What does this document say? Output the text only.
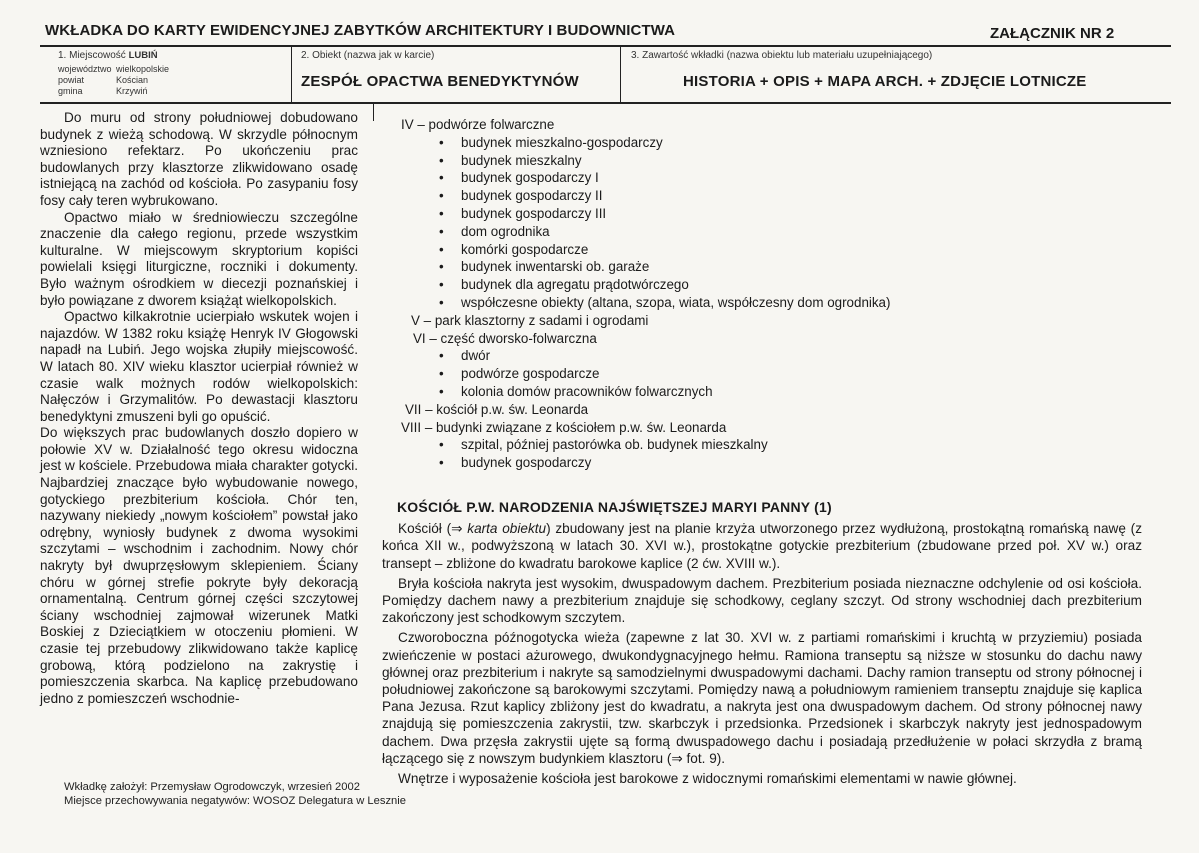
WKŁADKA DO KARTY EWIDENCYJNEJ ZABYTKÓW ARCHITEKTURY I BUDOWNICTWA	ZAŁĄCZNIK NR 2
1. Miejscowość LUBIŃ
województwo wielkopolskie
powiat	Kościan
gmina	Krzywiń
2. Obiekt (nazwa jak w karcie)
ZESPÓŁ OPACTWA BENEDYKTYNÓW
3. Zawartość wkładki (nazwa obiektu lub materiału uzupełniającego)
HISTORIA + OPIS + MAPA ARCH. + ZDJĘCIE LOTNICZE

Do muru od strony południowej dobudowano budynek z wieżą schodową. W skrzydle północnym wzniesiono refektarz. Po ukończeniu prac budowlanych przy klasztorze zlikwidowano osadę istniejącą na zachód od kościoła. Po zasypaniu fosy fosy cały teren wybrukowano.

Opactwo miało w średniowieczu szczególne znaczenie dla całego regionu, przede wszystkim kulturalne. W miejscowym skryptorium kopiści powielali księgi liturgiczne, roczniki i dokumenty. Było ważnym ośrodkiem w diecezji poznańskiej i było powiązane z dworem książąt wielkopolskich.

Opactwo kilkakrotnie ucierpiało wskutek wojen i najazdów. W 1382 roku książę Henryk IV Głogowski napadł na Lubiń. Jego wojska złupiły miejscowość. W latach 80. XIV wieku klasztor ucierpiał również w czasie walk możnych rodów wielkopolskich: Nałęczów i Grzymalitów. Po dewastacji klasztoru benedyktyni zmuszeni byli go opuścić.

Do większych prac budowlanych doszło dopiero w połowie XV w. Działalność tego okresu widoczna jest w kościele. Przebudowa miała charakter gotycki. Najbardziej znaczące było wybudowanie nowego, gotyckiego prezbiterium kościoła. Chór ten, nazywany niekiedy „nowym kościołem” powstał jako odrębny, wyniosły budynek z dwoma wysokimi szczytami – wschodnim i zachodnim. Nowy chór nakryty był dwuprzęsłowym sklepieniem. Ściany chóru w górnej strefie pokryte były dekoracją ornamentalną. Centrum górnej części szczytowej ściany wschodniej zajmował wizerunek Matki Boskiej z Dzieciątkiem w otoczeniu płomieni. W czasie tej przebudowy zlikwidowano także kaplicę grobową, którą podzielono na zakrystię i pomieszczenia skarbca. Na kaplicę przebudowano jedno z pomieszczeń wschodnie-

IV – podwórze folwarczne
• budynek mieszkalno-gospodarczy
• budynek mieszkalny
• budynek gospodarczy I
• budynek gospodarczy II
• budynek gospodarczy III
• dom ogrodnika
• komórki gospodarcze
• budynek inwentarski ob. garaże
• budynek dla agregatu prądotwórczego
• współczesne obiekty (altana, szopa, wiata, współczesny dom ogrodnika)
V – park klasztorny z sadami i ogrodami
VI – część dworsko-folwarczna
• dwór
• podwórze gospodarcze
• kolonia domów pracowników folwarcznych
VII – kościół p.w. św. Leonarda
VIII – budynki związane z kościołem p.w. św. Leonarda
• szpital, później pastorówka ob. budynek mieszkalny
• budynek gospodarczy
KOŚCIÓŁ P.W. NARODZENIA NAJŚWIĘTSZEJ MARYI PANNY (1)

Kościół (⇒ karta obiektu) zbudowany jest na planie krzyża utworzonego przez wydłużoną, prostokątną romańską nawę (z końca XII w., podwyższoną w latach 30. XVI w.), prostokątne gotyckie prezbiterium (zbudowane przed poł. XV w.) oraz transept – zbliżone do kwadratu barokowe kaplice (2 ćw. XVIII w.).

Bryła kościoła nakryta jest wysokim, dwuspadowym dachem. Prezbiterium posiada nieznaczne odchylenie od osi kościoła. Pomiędzy dachem nawy a prezbiterium znajduje się schodkowy, ceglany szczyt. Od strony wschodniej dach prezbiterium zakończony jest schodkowym szczytem.

Czworoboczna późnogotycka wieża (zapewne z lat 30. XVI w. z partiami romańskimi i kruchtą w przyziemiu) posiada zwieńczenie w postaci ażurowego, dwukondygnacyjnego hełmu. Ramiona transeptu są niższe w stosunku do dachu nawy głównej oraz prezbiterium i nakryte są samodzielnymi dwuspadowymi dachami. Dachy ramion transeptu od strony północnej i południowej zakończone są barokowymi szczytami. Pomiędzy nawą a południowym ramieniem transeptu znajduje się kaplica Pana Jezusa. Rzut kaplicy zbliżony jest do kwadratu, a nakryta jest ona dwuspadowym dachem. Od strony północnej nawy znajdują się pomieszczenia zakrystii, tzw. skarbczyk i przedsionka. Przedsionek i skarbczyk nakryty jest jednospadowym dachem. Dwa przęsła zakrystii ujęte są formą dwuspadowego dachu i posiadają przedłużenie w połaci skrzydła z bramą łączącego się z nowszym budynkiem klasztoru (⇒ fot. 9).

Wnętrze i wyposażenie kościoła jest barokowe z widocznymi romańskimi elementami w nawie głównej.

Wkładkę założył: Przemysław Ogrodowczyk, wrzesień 2002
Miejsce przechowywania negatywów: WOSOZ Delegatura w Lesznie
